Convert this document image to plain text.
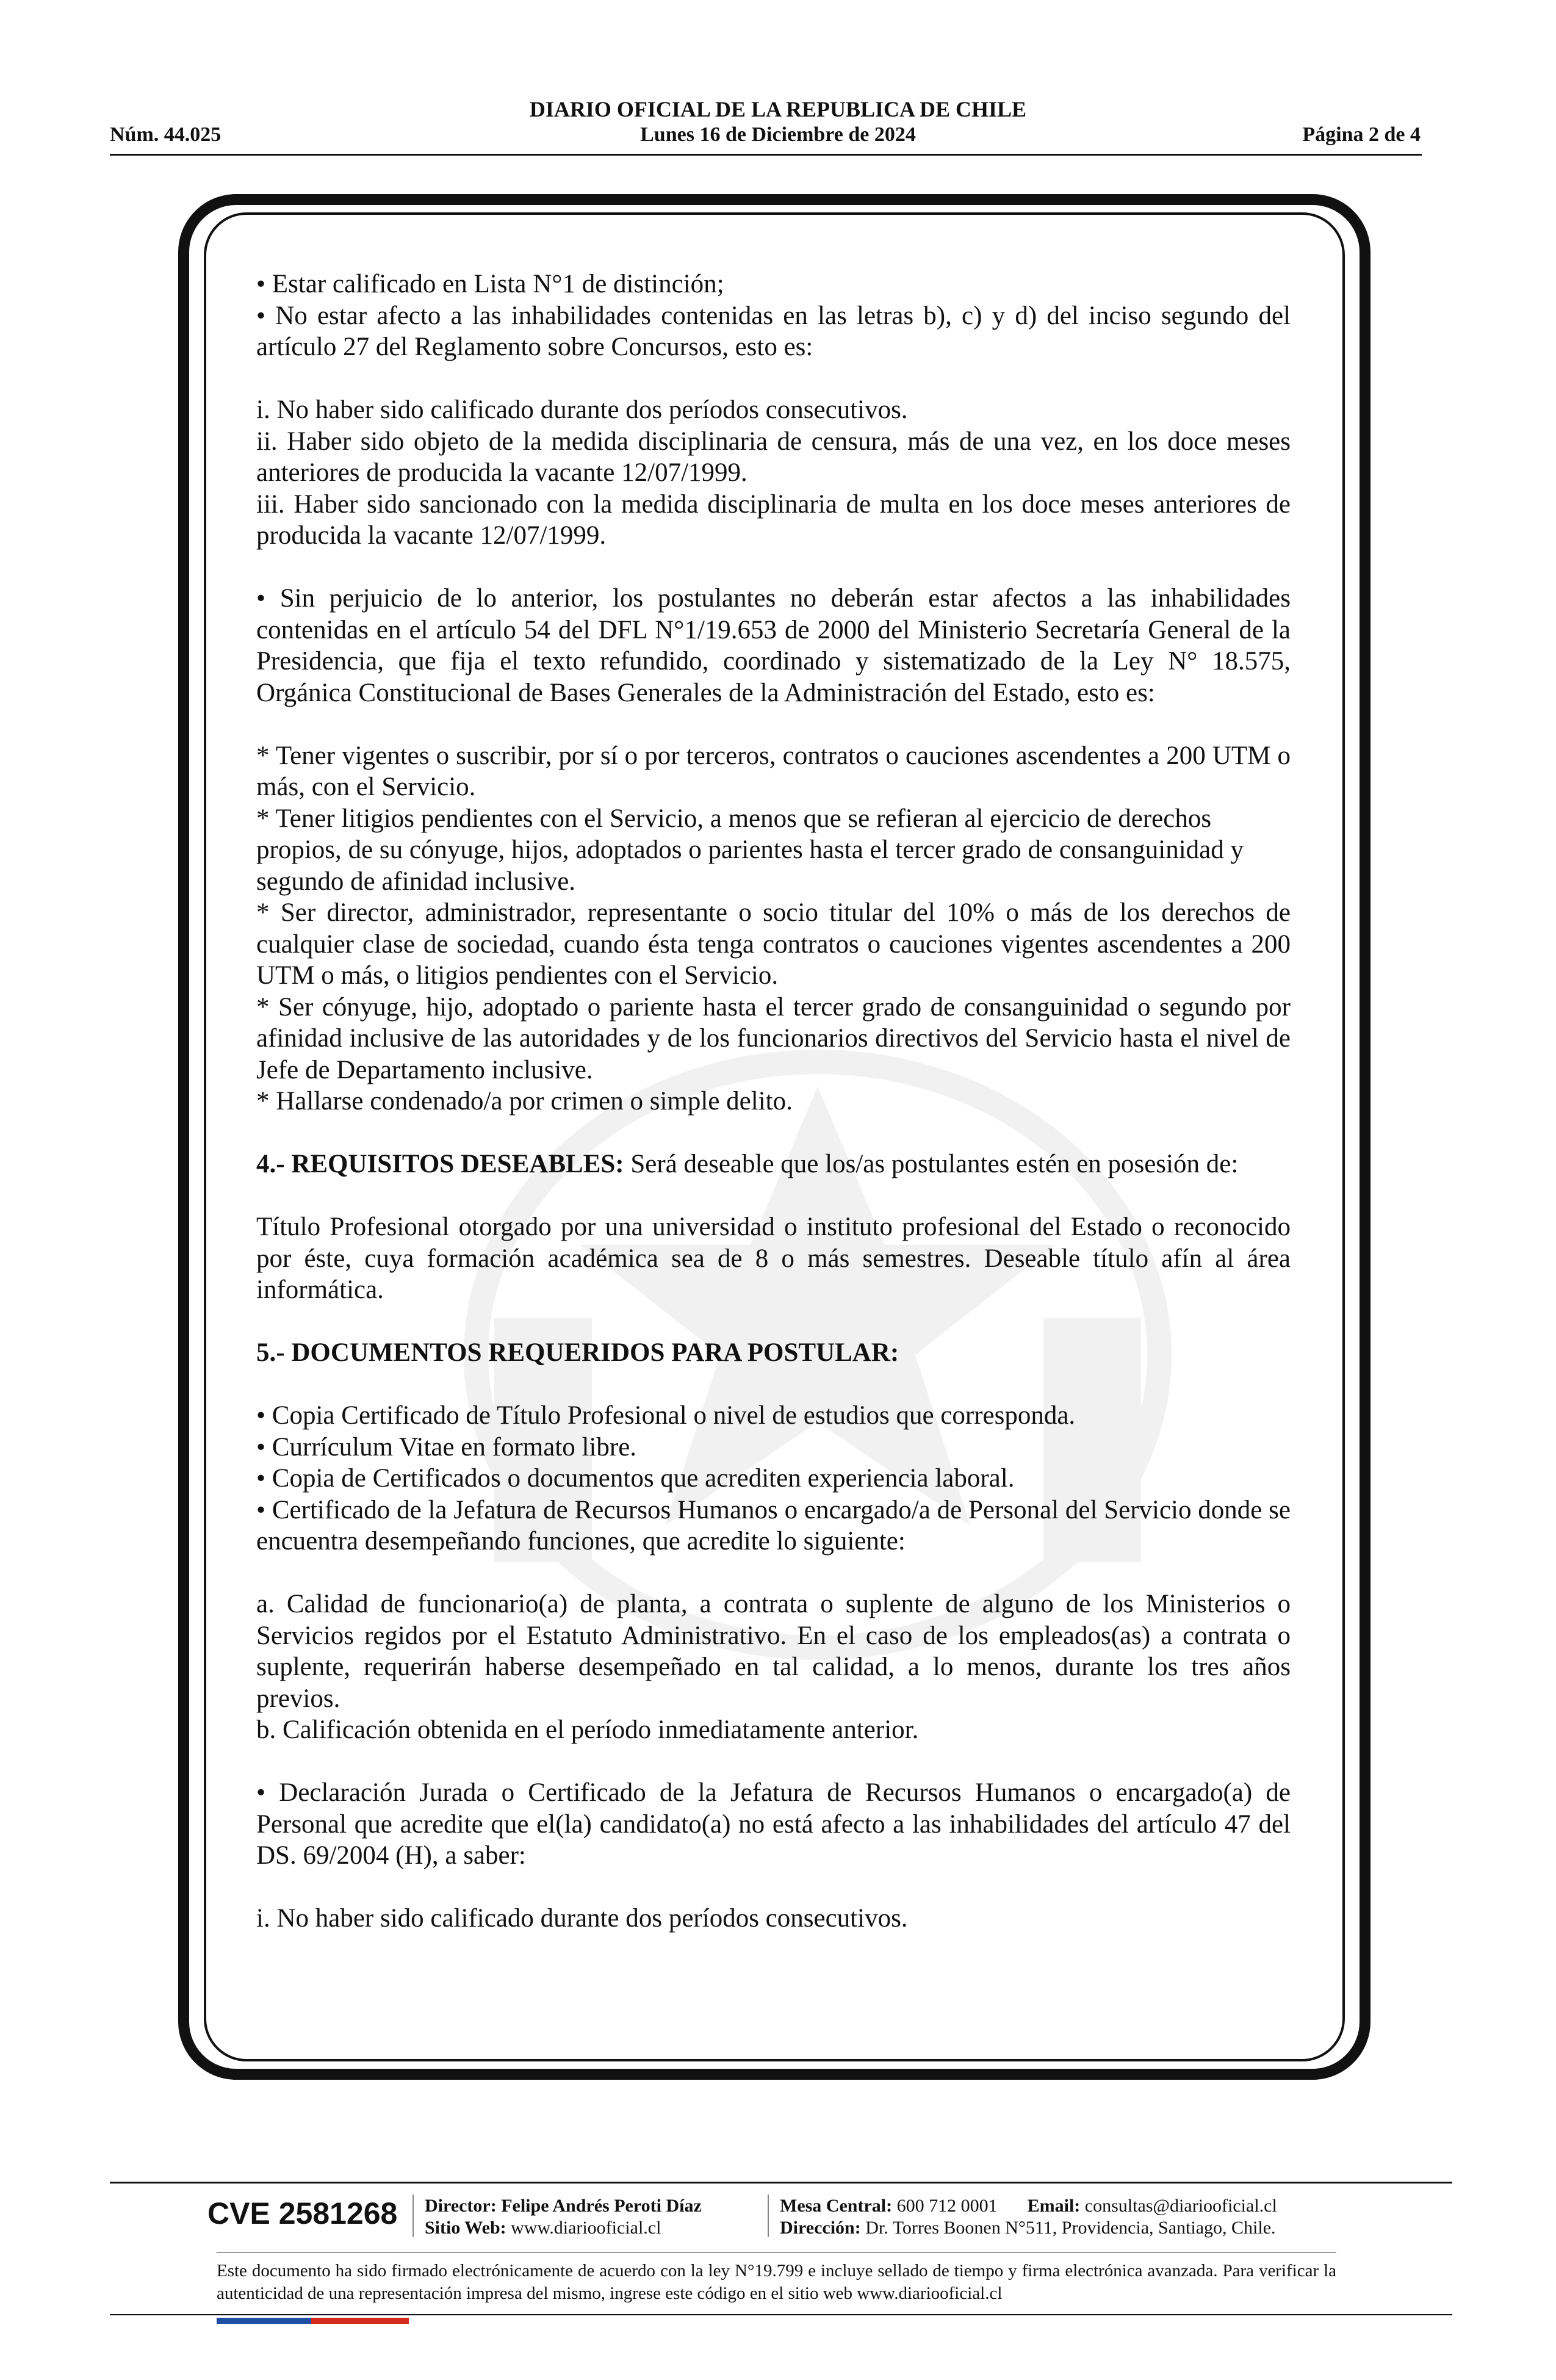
DIARIO OFICIAL DE LA REPUBLICA DE CHILE
Lunes 16 de Diciembre de 2024
Núm. 44.025	Página 2 de 4

• Estar calificado en Lista N°1 de distinción;

• No estar afecto a las inhabilidades contenidas en las letras b), c) y d) del inciso segundo del artículo 27 del Reglamento sobre Concursos, esto es:

i. No haber sido calificado durante dos períodos consecutivos.

ii. Haber sido objeto de la medida disciplinaria de censura, más de una vez, en los doce meses anteriores de producida la vacante 12/07/1999.

iii. Haber sido sancionado con la medida disciplinaria de multa en los doce meses anteriores de producida la vacante 12/07/1999.

• Sin perjuicio de lo anterior, los postulantes no deberán estar afectos a las inhabilidades contenidas en el artículo 54 del DFL N°1/19.653 de 2000 del Ministerio Secretaría General de la Presidencia, que fija el texto refundido, coordinado y sistematizado de la Ley N° 18.575, Orgánica Constitucional de Bases Generales de la Administración del Estado, esto es:

* Tener vigentes o suscribir, por sí o por terceros, contratos o cauciones ascendentes a 200 UTM o más, con el Servicio.

* Tener litigios pendientes con el Servicio, a menos que se refieran al ejercicio de derechos propios, de su cónyuge, hijos, adoptados o parientes hasta el tercer grado de consanguinidad y segundo de afinidad inclusive.

* Ser director, administrador, representante o socio titular del 10% o más de los derechos de cualquier clase de sociedad, cuando ésta tenga contratos o cauciones vigentes ascendentes a 200 UTM o más, o litigios pendientes con el Servicio.

* Ser cónyuge, hijo, adoptado o pariente hasta el tercer grado de consanguinidad o segundo por afinidad inclusive de las autoridades y de los funcionarios directivos del Servicio hasta el nivel de Jefe de Departamento inclusive.

* Hallarse condenado/a por crimen o simple delito.

4.- REQUISITOS DESEABLES: Será deseable que los/as postulantes estén en posesión de:

Título Profesional otorgado por una universidad o instituto profesional del Estado o reconocido por éste, cuya formación académica sea de 8 o más semestres. Deseable título afín al área informática.

5.- DOCUMENTOS REQUERIDOS PARA POSTULAR:

• Copia Certificado de Título Profesional o nivel de estudios que corresponda.

• Currículum Vitae en formato libre.

• Copia de Certificados o documentos que acrediten experiencia laboral.

• Certificado de la Jefatura de Recursos Humanos o encargado/a de Personal del Servicio donde se encuentra desempeñando funciones, que acredite lo siguiente:

a. Calidad de funcionario(a) de planta, a contrata o suplente de alguno de los Ministerios o Servicios regidos por el Estatuto Administrativo. En el caso de los empleados(as) a contrata o suplente, requerirán haberse desempeñado en tal calidad, a lo menos, durante los tres años previos.

b. Calificación obtenida en el período inmediatamente anterior.

• Declaración Jurada o Certificado de la Jefatura de Recursos Humanos o encargado(a) de Personal que acredite que el(la) candidato(a) no está afecto a las inhabilidades del artículo 47 del DS. 69/2004 (H), a saber:

i. No haber sido calificado durante dos períodos consecutivos.

CVE 2581268 Director: Felipe Andrés Peroti Díaz
Sitio Web: www.diariooficial.cl
Mesa Central: 600 712 0001 Email: consultas@diariooficial.cl
Dirección: Dr. Torres Boonen N°511, Providencia, Santiago, Chile.
Este documento ha sido firmado electrónicamente de acuerdo con la ley N°19.799 e incluye sellado de tiempo y firma electrónica avanzada. Para verificar la autenticidad de una representación impresa del mismo, ingrese este código en el sitio web www.diariooficial.cl
